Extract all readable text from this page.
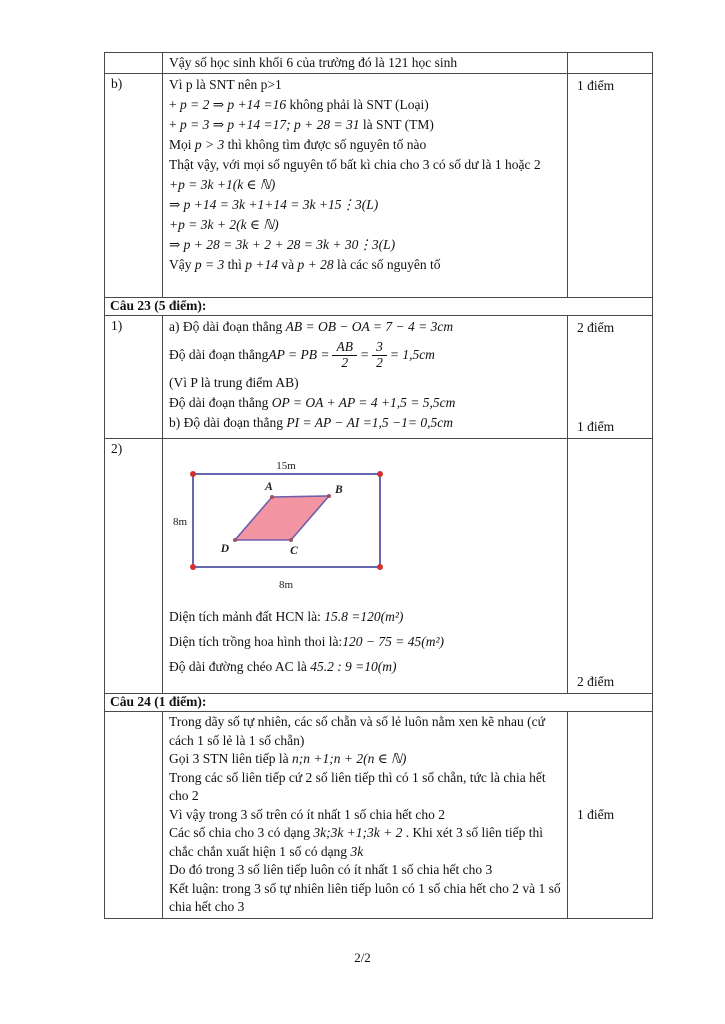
Vậy số học sinh khối 6 của trường đó là 121 học sinh
b)	Vì p là SNT nên p>1
+ p = 2 ⇒ p +14 =16 không phải là SNT (Loại)
+ p = 3 ⇒ p +14 =17; p + 28 = 31 là SNT (TM)
Mọi p > 3 thì không tìm được số nguyên tố nào
Thật vậy, với mọi số nguyên tố bất kì chia cho 3 có số dư là 1 hoặc 2
+p = 3k +1(k ∈ ℕ)
⇒ p +14 = 3k +1+14 = 3k +15⋮3(L)
+p = 3k + 2(k ∈ ℕ)
⇒ p + 28 = 3k + 2 + 28 = 3k + 30⋮3(L)
Vậy p = 3 thì p +14 và p + 28 là các số nguyên tố
1 điểm
Câu 23 (5 điểm):
1)	a) Độ dài đoạn thẳng AB = OB − OA = 7 − 4 = 3cm
Độ dài đoạn thẳng AP = PB = $\frac{AB}{2} = \frac{3}{2} = 1,5cm$
(Vì P là trung điểm AB)
Độ dài đoạn thẳng OP = OA + AP = 4 +1,5 = 5,5cm
b) Độ dài đoạn thẳng PI = AP − AI =1,5 −1= 0,5cm
2 điểm
1 điểm
2)
15m
8m
8m
A	B
C
D
Diện tích mảnh đất HCN là: 15.8 =120(m²)
Diện tích trồng hoa hình thoi là:120 − 75 = 45(m²)
Độ dài đường chéo AC là 45.2 : 9 =10(m)
2 điểm
Câu 24 (1 điểm):
Trong dãy số tự nhiên, các số chẵn và số lẻ luôn nằm xen kẽ nhau (cứ cách 1 số lẻ là 1 số chẵn)
Gọi 3 STN liên tiếp là n;n +1;n + 2(n ∈ ℕ)
Trong các số liên tiếp cứ 2 số liên tiếp thì có 1 số chẵn, tức là chia hết cho 2
Vì vậy trong 3 số trên có ít nhất 1 số chia hết cho 2
Các số chia cho 3 có dạng 3k;3k +1;3k + 2 . Khi xét 3 số liên tiếp thì chắc chắn xuất hiện 1 số có dạng 3k
Do đó trong 3 số liên tiếp luôn có ít nhất 1 số chia hết cho 3
Kết luận: trong 3 số tự nhiên liên tiếp luôn có 1 số chia hết cho 2 và 1 số chia hết cho 3
1 điểm
2/2
